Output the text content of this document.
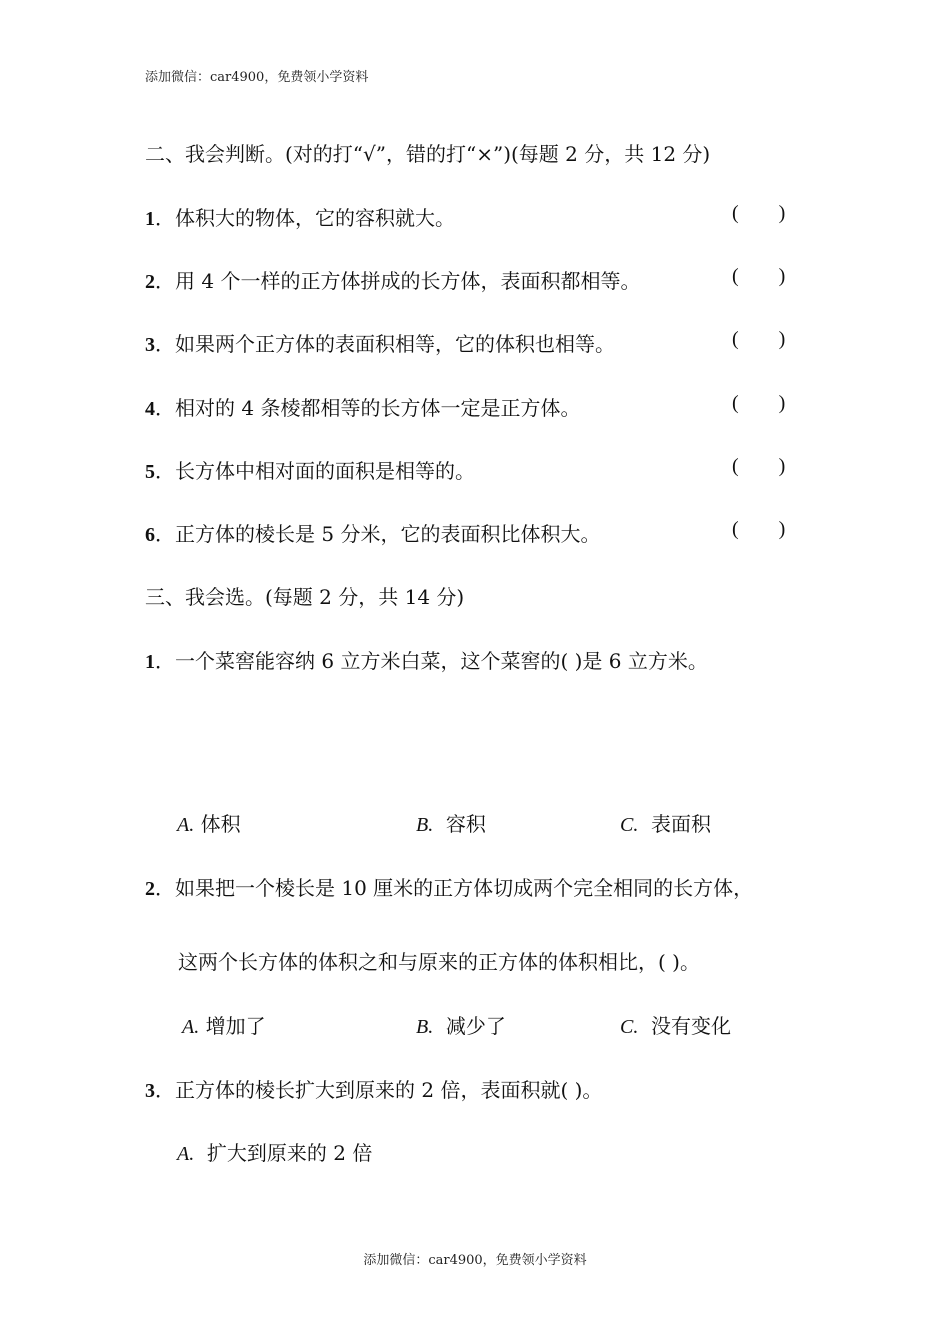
添加微信：car4900，免费领小学资料
二、我会判断。(对的打“√”，错的打“×”)(每题 2 分，共 12 分)
1．体积大的物体，它的容积就大。	(        )
2．用 4 个一样的正方体拼成的长方体，表面积都相等。	(        )
3．如果两个正方体的表面积相等，它的体积也相等。	(        )
4．相对的 4 条棱都相等的长方体一定是正方体。	(        )
5．长方体中相对面的面积是相等的。	(        )
6．正方体的棱长是 5 分米，它的表面积比体积大。	(        )
三、我会选。(每题 2 分，共 14 分)
1．一个菜窖能容纳 6 立方米白菜，这个菜窖的( )是 6 立方米。
A. 体积	B.  容积	C.  表面积
2．如果把一个棱长是 10 厘米的正方体切成两个完全相同的长方体，
这两个长方体的体积之和与原来的正方体的体积相比，( )。
A. 增加了	B.  减少了	C.  没有变化
3．正方体的棱长扩大到原来的 2 倍，表面积就( )。
A.  扩大到原来的 2 倍
添加微信：car4900，免费领小学资料
